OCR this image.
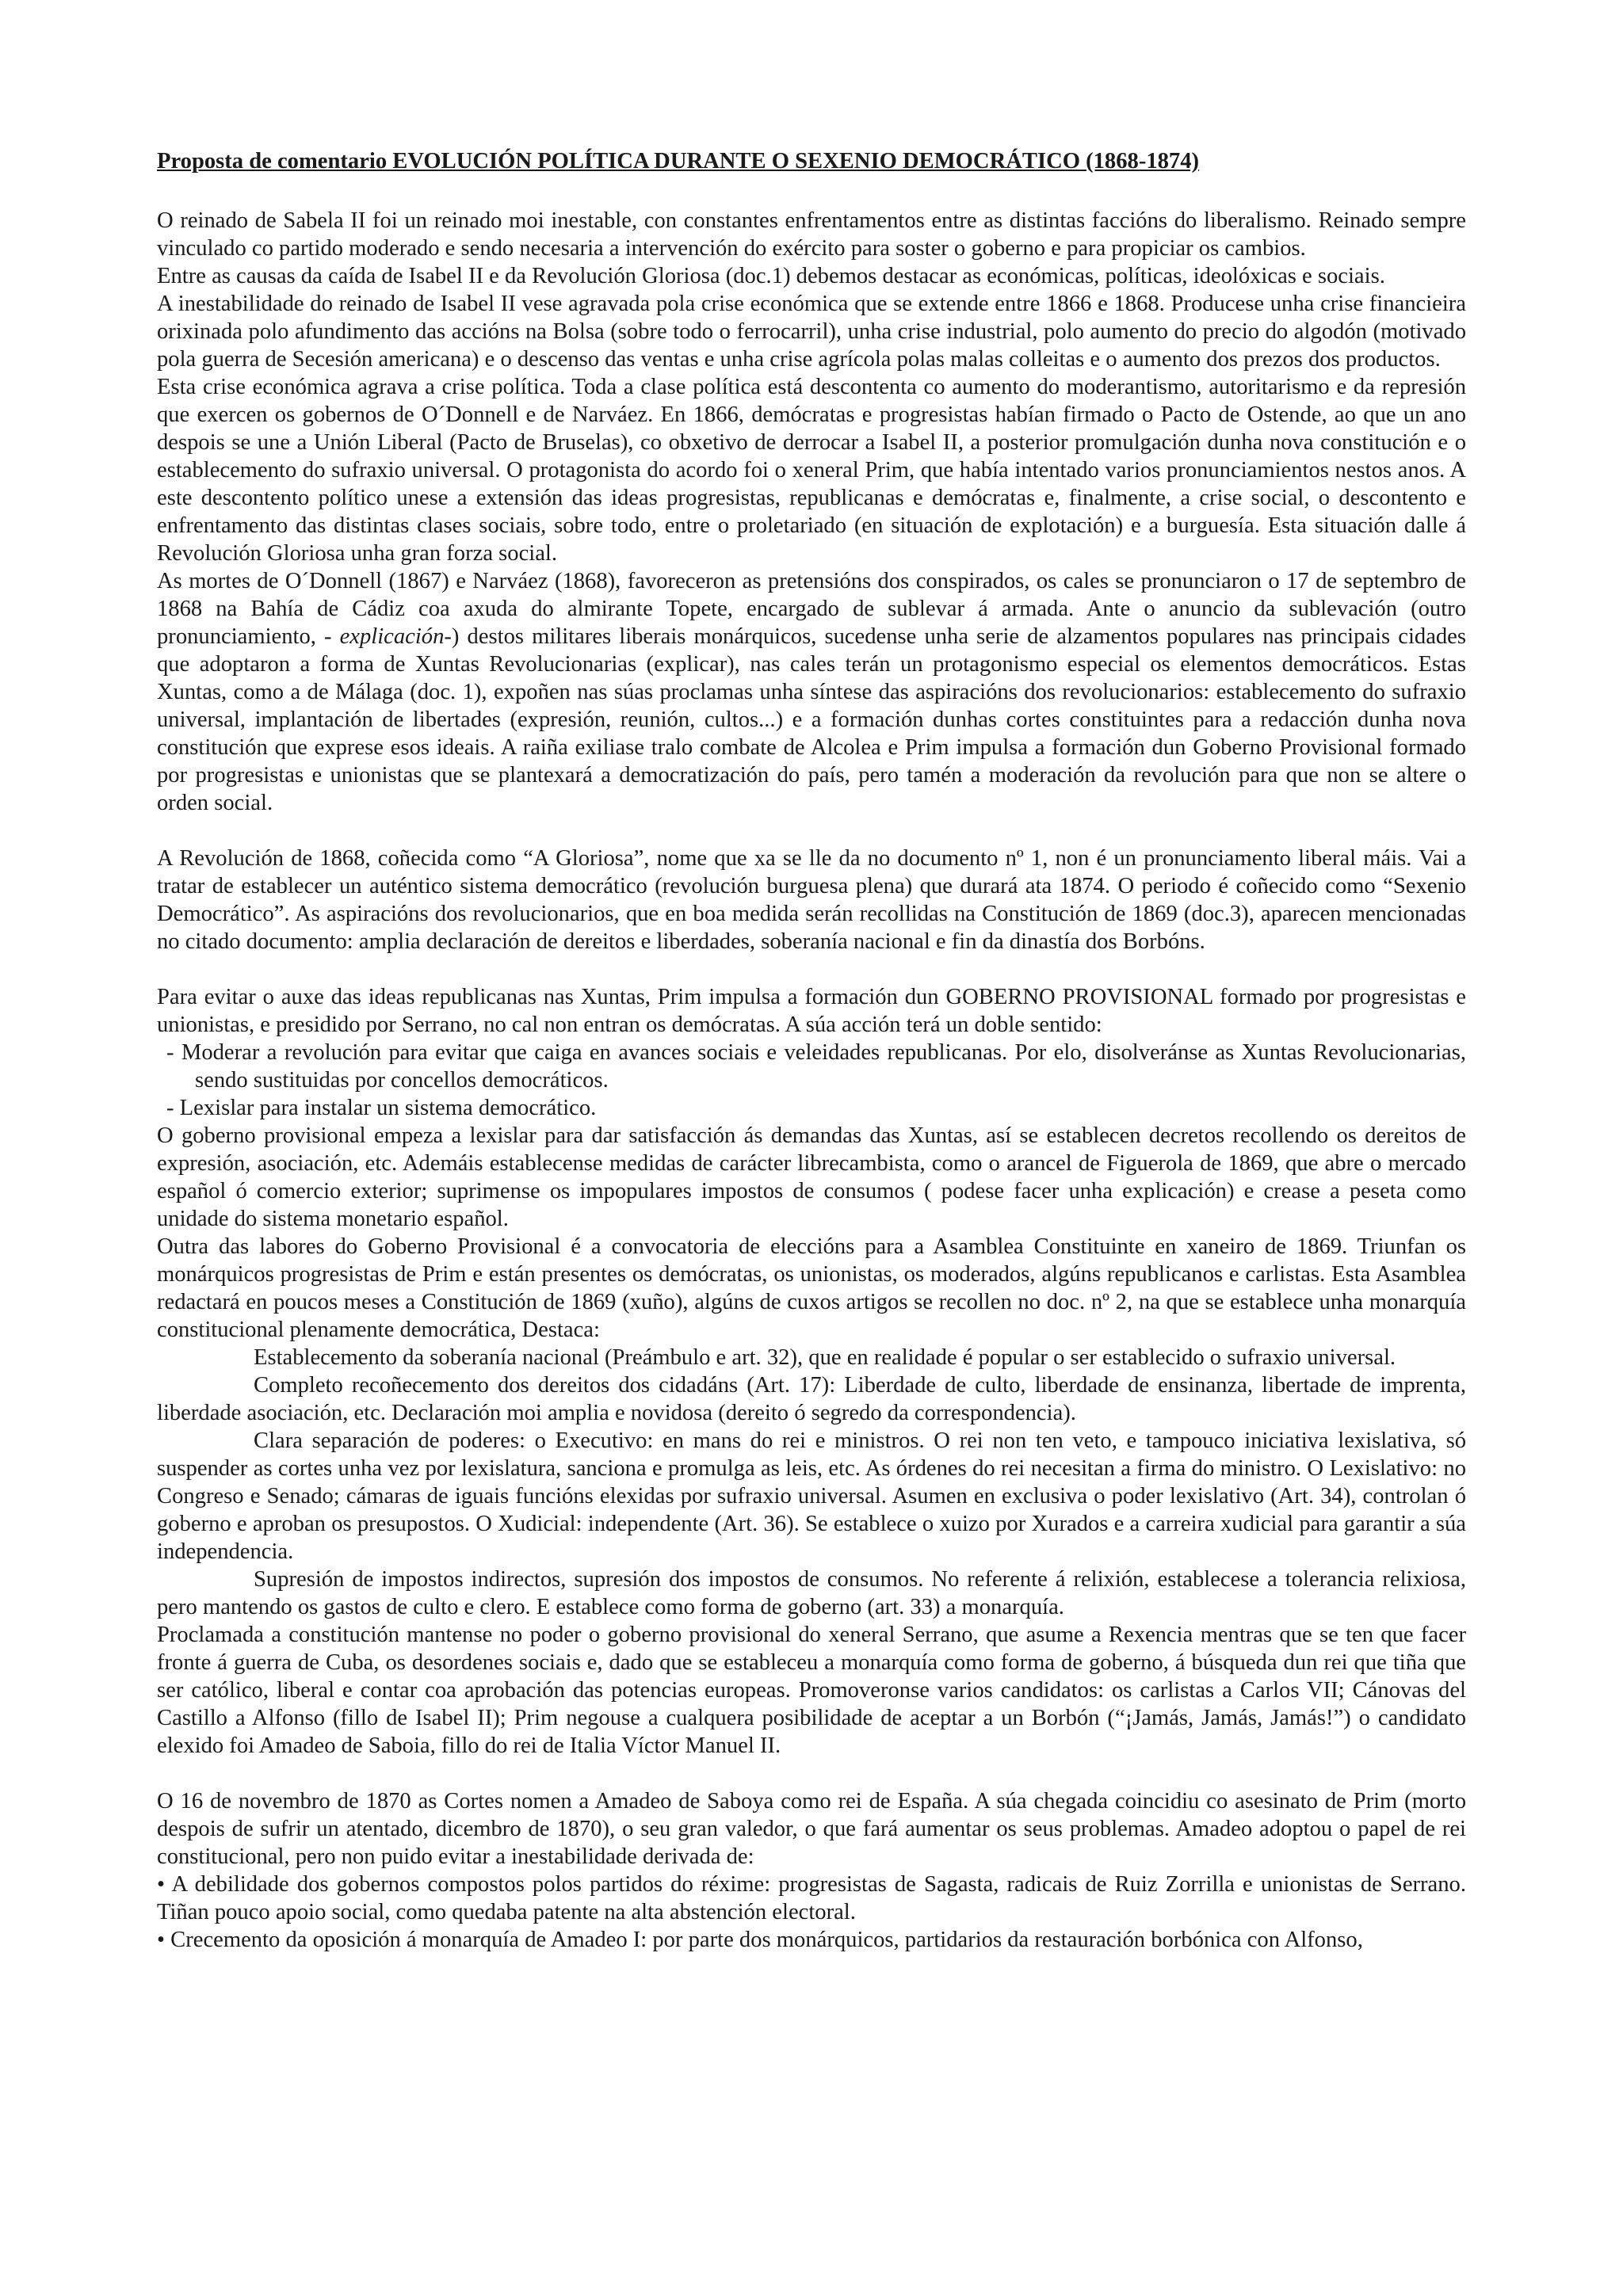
Proposta de comentario EVOLUCIÓN POLÍTICA DURANTE O SEXENIO DEMOCRÁTICO (1868-1874)

O reinado de Sabela II foi un reinado moi inestable, con constantes enfrentamentos entre as distintas faccións do liberalismo. Reinado sempre vinculado co partido moderado e sendo necesaria a intervención do exército para soster o goberno e para propiciar os cambios.

Entre as causas da caída de Isabel II e da Revolución Gloriosa (doc.1) debemos destacar as económicas, políticas, ideolóxicas e sociais.

A inestabilidade do reinado de Isabel II vese agravada pola crise económica que se extende entre 1866 e 1868. Producese unha crise financieira orixinada polo afundimento das accións na Bolsa (sobre todo o ferrocarril), unha crise industrial, polo aumento do precio do algodón (motivado pola guerra de Secesión americana) e o descenso das ventas e unha crise agrícola polas malas colleitas e o aumento dos prezos dos productos.

Esta crise económica agrava a crise política. Toda a clase política está descontenta co aumento do moderantismo, autoritarismo e da represión que exercen os gobernos de O´Donnell e de Narváez. En 1866, demócratas e progresistas habían firmado o Pacto de Ostende, ao que un ano despois se une a Unión Liberal (Pacto de Bruselas), co obxetivo de derrocar a Isabel II, a posterior promulgación dunha nova constitución e o establecemento do sufraxio universal. O protagonista do acordo foi o xeneral Prim, que había intentado varios pronunciamientos nestos anos. A este descontento político unese a extensión das ideas progresistas, republicanas e demócratas e, finalmente, a crise social, o descontento e enfrentamento das distintas clases sociais, sobre todo, entre o proletariado (en situación de explotación) e a burguesía. Esta situación dalle á Revolución Gloriosa unha gran forza social.

As mortes de O´Donnell (1867) e Narváez (1868), favoreceron as pretensións dos conspirados, os cales se pronunciaron o 17 de septembro de 1868 na Bahía de Cádiz coa axuda do almirante Topete, encargado de sublevar á armada. Ante o anuncio da sublevación (outro pronunciamiento, - explicación-) destos militares liberais monárquicos, sucedense unha serie de alzamentos populares nas principais cidades que adoptaron a forma de Xuntas Revolucionarias (explicar), nas cales terán un protagonismo especial os elementos democráticos. Estas Xuntas, como a de Málaga (doc. 1), expoñen nas súas proclamas unha síntese das aspiracións dos revolucionarios: establecemento do sufraxio universal, implantación de libertades (expresión, reunión, cultos...) e a formación dunhas cortes constituintes para a redacción dunha nova constitución que exprese esos ideais. A raiña exiliase tralo combate de Alcolea e Prim impulsa a formación dun Goberno Provisional formado por progresistas e unionistas que se plantexará a democratización do país, pero tamén a moderación da revolución para que non se altere o orden social.

A Revolución de 1868, coñecida como “A Gloriosa”, nome que xa se lle da no documento nº 1, non é un pronunciamento liberal máis. Vai a tratar de establecer un auténtico sistema democrático (revolución burguesa plena) que durará ata 1874. O periodo é coñecido como “Sexenio Democrático”. As aspiracións dos revolucionarios, que en boa medida serán recollidas na Constitución de 1869 (doc.3), aparecen mencionadas no citado documento: amplia declaración de dereitos e liberdades, soberanía nacional e fin da dinastía dos Borbóns.

Para evitar o auxe das ideas republicanas nas Xuntas, Prim impulsa a formación dun GOBERNO PROVISIONAL formado por progresistas e unionistas, e presidido por Serrano, no cal non entran os demócratas. A súa acción terá un doble sentido:

- Moderar a revolución para evitar que caiga en avances sociais e veleidades republicanas. Por elo, disolveránse as Xuntas Revolucionarias, sendo sustituidas por concellos democráticos.

- Lexislar para instalar un sistema democrático.

O goberno provisional empeza a lexislar para dar satisfacción ás demandas das Xuntas, así se establecen decretos recollendo os dereitos de expresión, asociación, etc. Ademáis establecense medidas de carácter librecambista, como o arancel de Figuerola de 1869, que abre o mercado español ó comercio exterior; suprimense os impopulares impostos de consumos ( podese facer unha explicación) e crease a peseta como unidade do sistema monetario español.

Outra das labores do Goberno Provisional é a convocatoria de eleccións para a Asamblea Constituinte en xaneiro de 1869. Triunfan os monárquicos progresistas de Prim e están presentes os demócratas, os unionistas, os moderados, algúns republicanos e carlistas. Esta Asamblea redactará en poucos meses a Constitución de 1869 (xuño), algúns de cuxos artigos se recollen no doc. nº 2, na que se establece unha monarquía constitucional plenamente democrática, Destaca:

Establecemento da soberanía nacional (Preámbulo e art. 32), que en realidade é popular o ser establecido o sufraxio universal.

Completo recoñecemento dos dereitos dos cidadáns (Art. 17): Liberdade de culto, liberdade de ensinanza, libertade de imprenta, liberdade asociación, etc. Declaración moi amplia e novidosa (dereito ó segredo da correspondencia).

Clara separación de poderes: o Executivo: en mans do rei e ministros. O rei non ten veto, e tampouco iniciativa lexislativa, só suspender as cortes unha vez por lexislatura, sanciona e promulga as leis, etc. As órdenes do rei necesitan a firma do ministro. O Lexislativo: no Congreso e Senado; cámaras de iguais funcións elexidas por sufraxio universal. Asumen en exclusiva o poder lexislativo (Art. 34), controlan ó goberno e aproban os presupostos. O Xudicial: independente (Art. 36). Se establece o xuizo por Xurados e a carreira xudicial para garantir a súa independencia.

Supresión de impostos indirectos, supresión dos impostos de consumos. No referente á relixión, establecese a tolerancia relixiosa, pero mantendo os gastos de culto e clero. E establece como forma de goberno (art. 33) a monarquía.

Proclamada a constitución mantense no poder o goberno provisional do xeneral Serrano, que asume a Rexencia mentras que se ten que facer fronte á guerra de Cuba, os desordenes sociais e, dado que se estableceu a monarquía como forma de goberno, á búsqueda dun rei que tiña que ser católico, liberal e contar coa aprobación das potencias europeas. Promoveronse varios candidatos: os carlistas a Carlos VII; Cánovas del Castillo a Alfonso (fillo de Isabel II); Prim negouse a cualquera posibilidade de aceptar a un Borbón (“¡Jamás, Jamás, Jamás!”) o candidato elexido foi Amadeo de Saboia, fillo do rei de Italia Víctor Manuel II.

O 16 de novembro de 1870 as Cortes nomen a Amadeo de Saboya como rei de España. A súa chegada coincidiu co asesinato de Prim (morto despois de sufrir un atentado, dicembro de 1870), o seu gran valedor, o que fará aumentar os seus problemas. Amadeo adoptou o papel de rei constitucional, pero non puido evitar a inestabilidade derivada de:

• A debilidade dos gobernos compostos polos partidos do réxime: progresistas de Sagasta, radicais de Ruiz Zorrilla e unionistas de Serrano. Tiñan pouco apoio social, como quedaba patente na alta abstención electoral.

• Crecemento da oposición á monarquía de Amadeo I: por parte dos monárquicos, partidarios da restauración borbónica con Alfonso,
